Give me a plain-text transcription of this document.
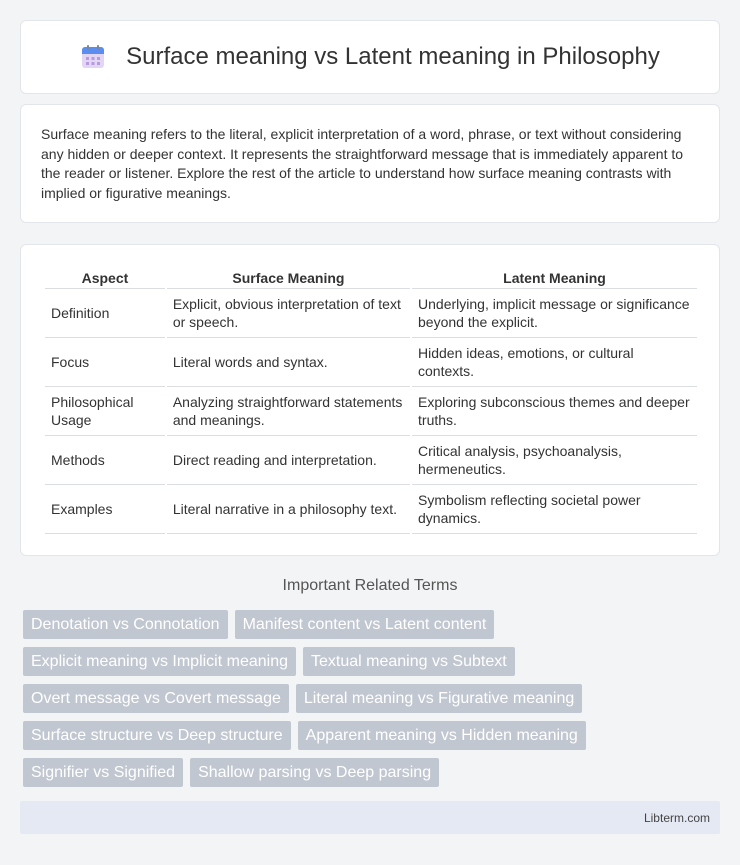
Surface meaning vs Latent meaning in Philosophy

Surface meaning refers to the literal, explicit interpretation of a word, phrase, or text without considering any hidden or deeper context. It represents the straightforward message that is immediately apparent to the reader or listener. Explore the rest of the article to understand how surface meaning contrasts with implied or figurative meanings.

Aspect	Surface Meaning	Latent Meaning
Definition	Explicit, obvious interpretation of text or speech.	Underlying, implicit message or significance beyond the explicit.
Focus	Literal words and syntax.	Hidden ideas, emotions, or cultural contexts.
Philosophical Usage	Analyzing straightforward statements and meanings.	Exploring subconscious themes and deeper truths.
Methods	Direct reading and interpretation.	Critical analysis, psychoanalysis, hermeneutics.
Examples	Literal narrative in a philosophy text.	Symbolism reflecting societal power dynamics.
Important Related Terms
Denotation vs Connotation	Manifest content vs Latent content
Explicit meaning vs Implicit meaning	Textual meaning vs Subtext
Overt message vs Covert message	Literal meaning vs Figurative meaning
Surface structure vs Deep structure	Apparent meaning vs Hidden meaning
Signifier vs Signified	Shallow parsing vs Deep parsing
Libterm.com
